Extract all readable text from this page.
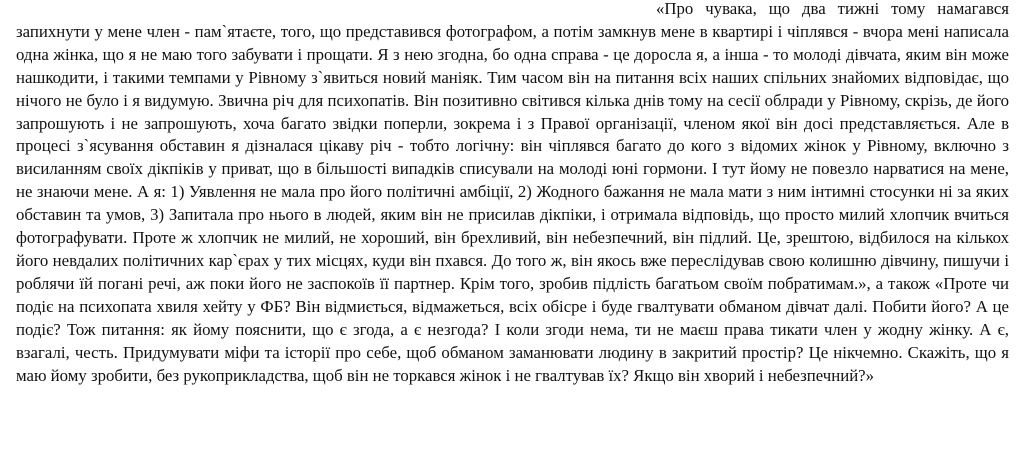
«Про чувака, що два тижні тому намагався запихнути у мене член - пам`ятаєте, того, що представився фотографом, а потім замкнув мене в квартирі і чіплявся - вчора мені написала одна жінка, що я не маю того забувати і прощати. Я з нею згодна, бо одна справа - це доросла я, а інша - то молоді дівчата, яким він може нашкодити, і такими темпами у Рівному з`явиться новий маніяк. Тим часом він на питання всіх наших спільних знайомих відповідає, що нічого не було і я видумую. Звична річ для психопатів. Він позитивно світився кілька днів тому на сесії облради у Рівному, скрізь, де його запрошують і не запрошують, хоча багато звідки поперли, зокрема і з Правої організації, членом якої він досі представляється. Але в процесі з`ясування обставин я дізналася цікаву річ - тобто логічну: він чіплявся багато до кого з відомих жінок у Рівному, включно з висиланням своїх дікпіків у приват, що в більшості випадків списували на молоді юні гормони. І тут йому не повезло нарватися на мене, не знаючи мене. А я: 1) Уявлення не мала про його політичні амбіції, 2) Жодного бажання не мала мати з ним інтимні стосунки ні за яких обставин та умов, 3) Запитала про нього в людей, яким він не присилав дікпіки, і отримала відповідь, що просто милий хлопчик вчиться фотографувати. Проте ж хлопчик не милий, не хороший, він брехливий, він небезпечний, він підлий. Це, зрештою, відбилося на кількох його невдалих політичних кар`єрах у тих місцях, куди він пхався. До того ж, він якось вже переслідував свою колишню дівчину, пишучи і роблячи їй погані речі, аж поки його не заспокоїв її партнер. Крім того, зробив підлість багатьом своїм побратимам.», а також «Проте чи подіє на психопата хвиля хейту у ФБ? Він відмиється, відмажеться, всіх обісре і буде гвалтувати обманом дівчат далі. Побити його? А це подіє? Тож питання: як йому пояснити, що є згода, а є незгода? І коли згоди нема, ти не маєш права тикати член у жодну жінку. А є, взагалі, честь. Придумувати міфи та історії про себе, щоб обманом заманювати людину в закритий простір? Це нікчемно. Скажіть, що я маю йому зробити, без рукоприкладства, щоб він не торкався жінок і не гвалтував їх? Якщо він хворий і небезпечний?»
